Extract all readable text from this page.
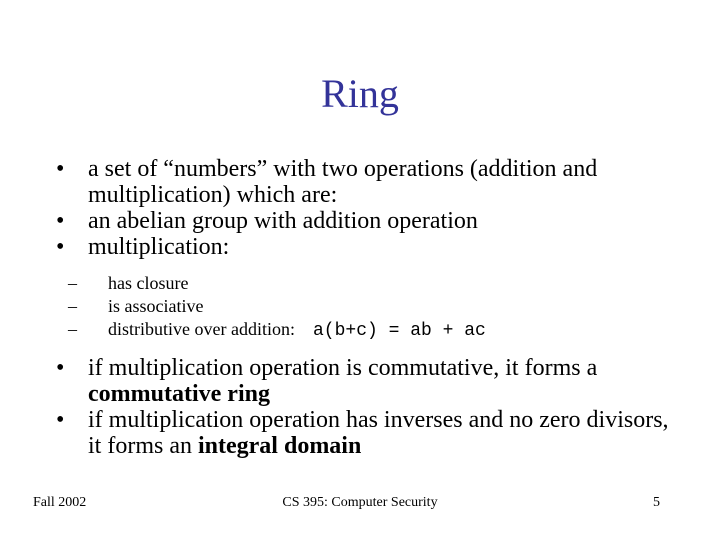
Ring
• a set of “numbers” with two operations (addition and multiplication) which are:
• an abelian group with addition operation
• multiplication:
– has closure
– is associative
– distributive over addition: a(b+c) = ab + ac
• if multiplication operation is commutative, it forms a commutative ring
• if multiplication operation has inverses and no zero divisors, it forms an integral domain
Fall 2002	CS 395: Computer Security	5
